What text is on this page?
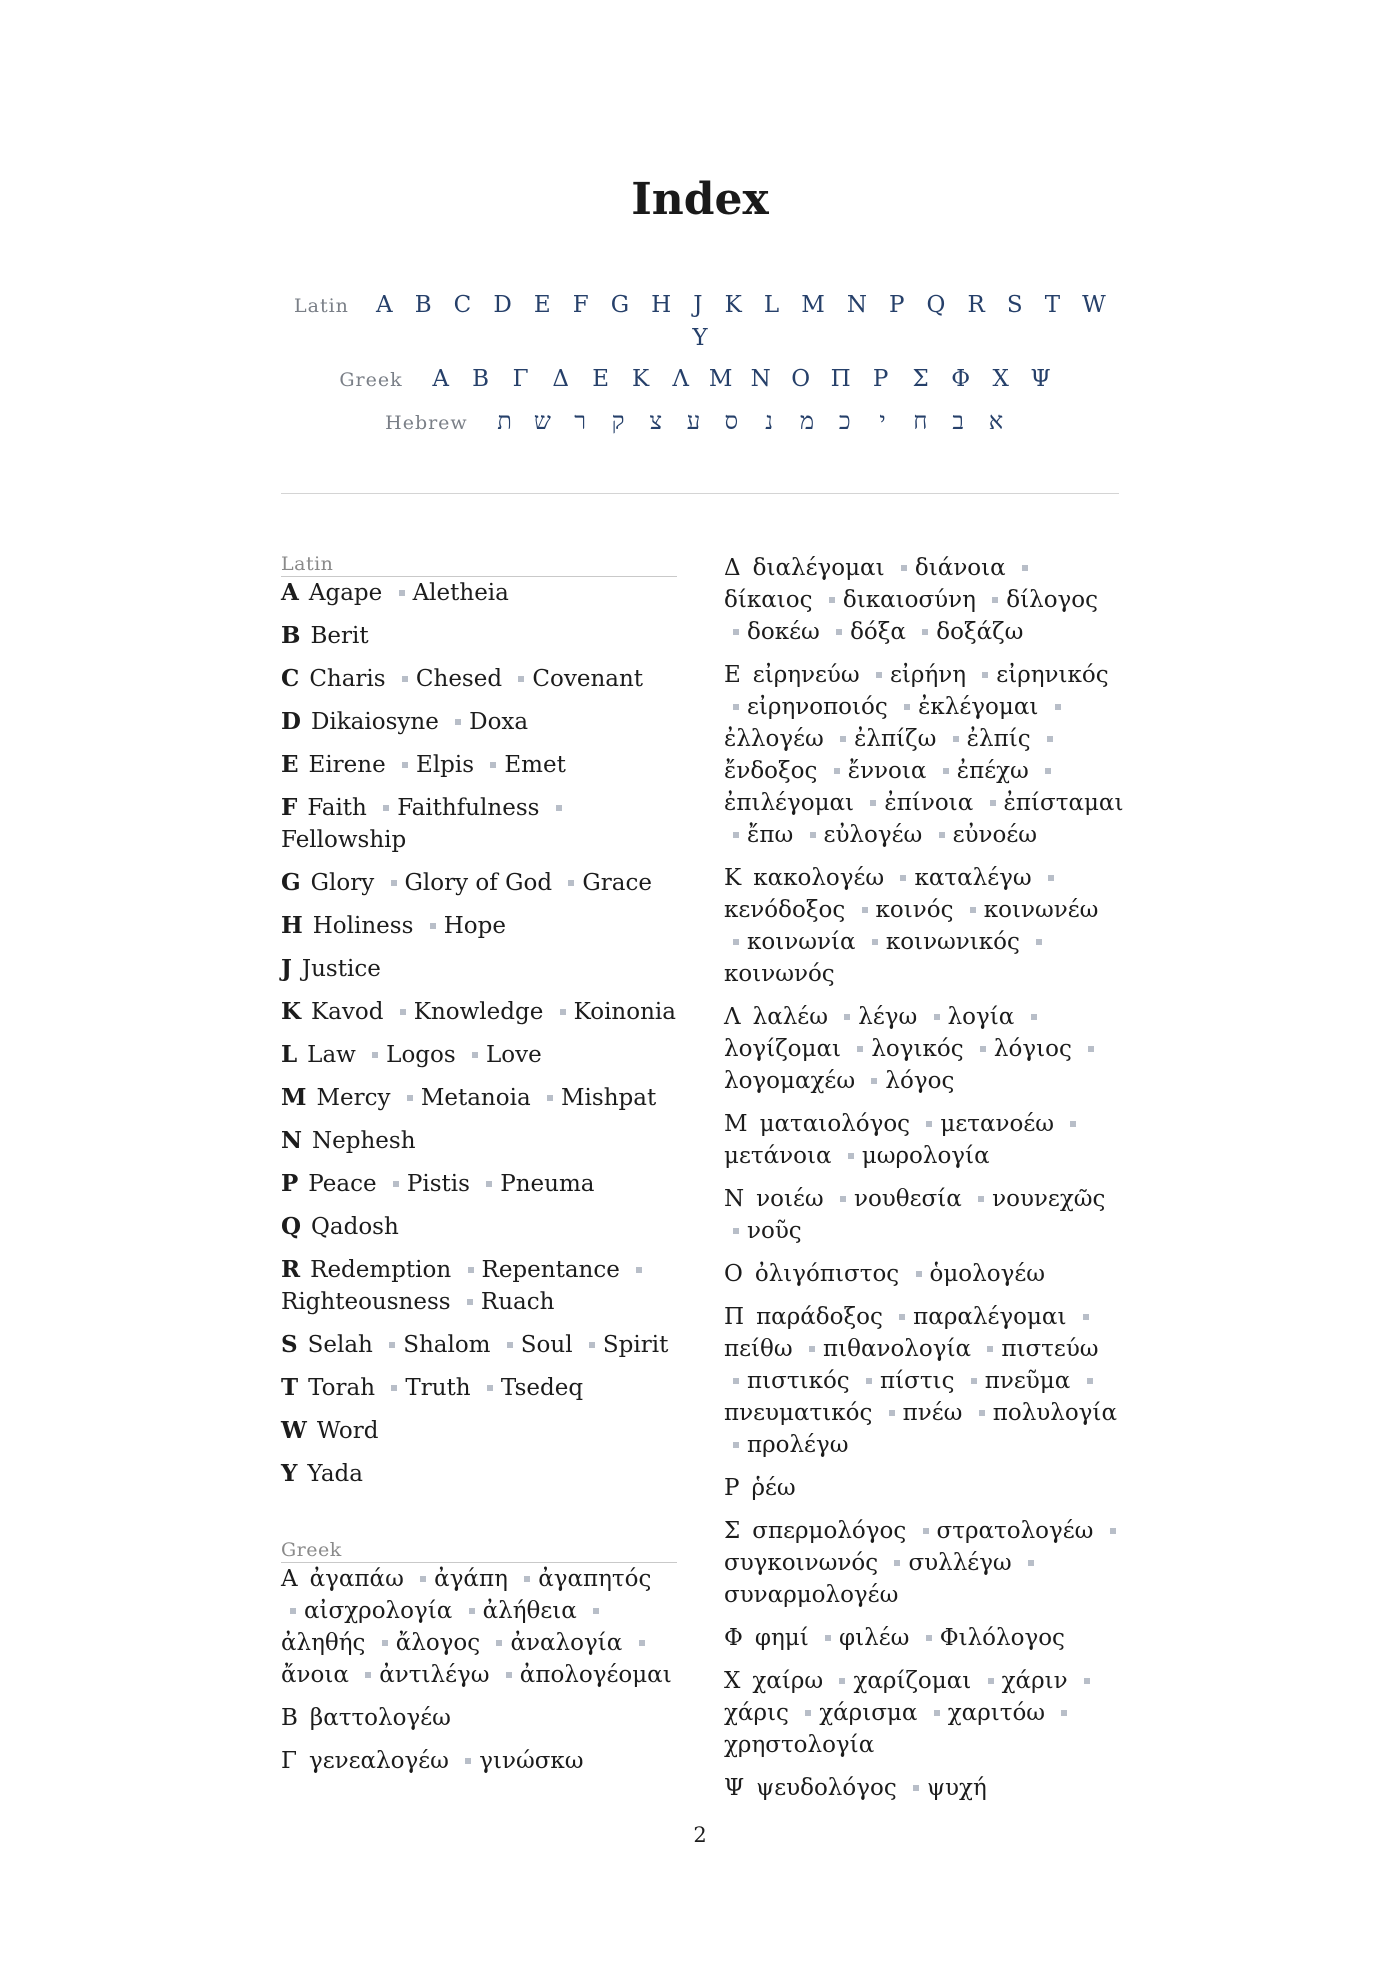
Index
Latin A B C D E F G H J K L M N P Q R S T W
Y
Greek	Α	Β	Γ	Δ	Ε	Κ	Λ Μ Ν Ο Π Ρ	Σ Φ Χ Ψ
Hebrew	א
ב
ח
י
כ
מ
נ
ס
ע
צ
ק
ר
ש
ת
Latin
A Agape Aletheia
B Berit
C Charis Chesed Covenant
D Dikaiosyne Doxa
E Eirene Elpis Emet
F Faith Faithfulness Fellowship
G Glory Glory of God Grace
H Holiness Hope
J Justice
K Kavod Knowledge Koinonia
L Law Logos Love
M Mercy Metanoia Mishpat
N Nephesh
P Peace Pistis Pneuma
Q Qadosh
R Redemption Repentance Righteousness Ruach
S Selah Shalom Soul Spirit
T Torah Truth Tsedeq
W Word
Y Yada
Greek
Α ἀγαπάω ἀγάπη ἀγαπητός αἰσχρολογία ἀλήθεια ἀληθής ἄλογος ἀναλογία ἄνοια ἀντιλέγω ἀπολογέομαι
Β βαττολογέω
Γ γενεαλογέω γινώσκω
Δ διαλέγομαι διάνοια δίκαιος δικαιοσύνη δίλογος δοκέω δόξα δοξάζω
Ε εἰρηνεύω εἰρήνη εἰρηνικός εἰρηνοποιός ἐκλέγομαι ἐλλογέω ἐλπίζω ἐλπίς ἔνδοξος ἔννοια ἐπέχω ἐπιλέγομαι ἐπίνοια ἐπίσταμαι ἔπω εὐλογέω εὐνοέω
Κ κακολογέω καταλέγω κενόδοξος κοινός κοινωνέω κοινωνία κοινωνικός κοινωνός
Λ λαλέω λέγω λογία λογίζομαι λογικός λόγιος λογομαχέω λόγος
Μ ματαιολόγος μετανοέω μετάνοια μωρολογία
Ν νοιέω νουθεσία νουνεχῶς νοῦς
Ο ὀλιγόπιστος ὁμολογέω
Π παράδοξος παραλέγομαι πείθω πιθανολογία πιστεύω πιστικός πίστις πνεῦμα πνευματικός πνέω πολυλογία προλέγω
Ρ ῥέω
Σ σπερμολόγος στρατολογέω συγκοινωνός συλλέγω συναρμολογέω
Φ φημί φιλέω Φιλόλογος
Χ χαίρω χαρίζομαι χάριν χάρις χάρισμα χαριτόω χρηστολογία
Ψ ψευδολόγος ψυχή
2
